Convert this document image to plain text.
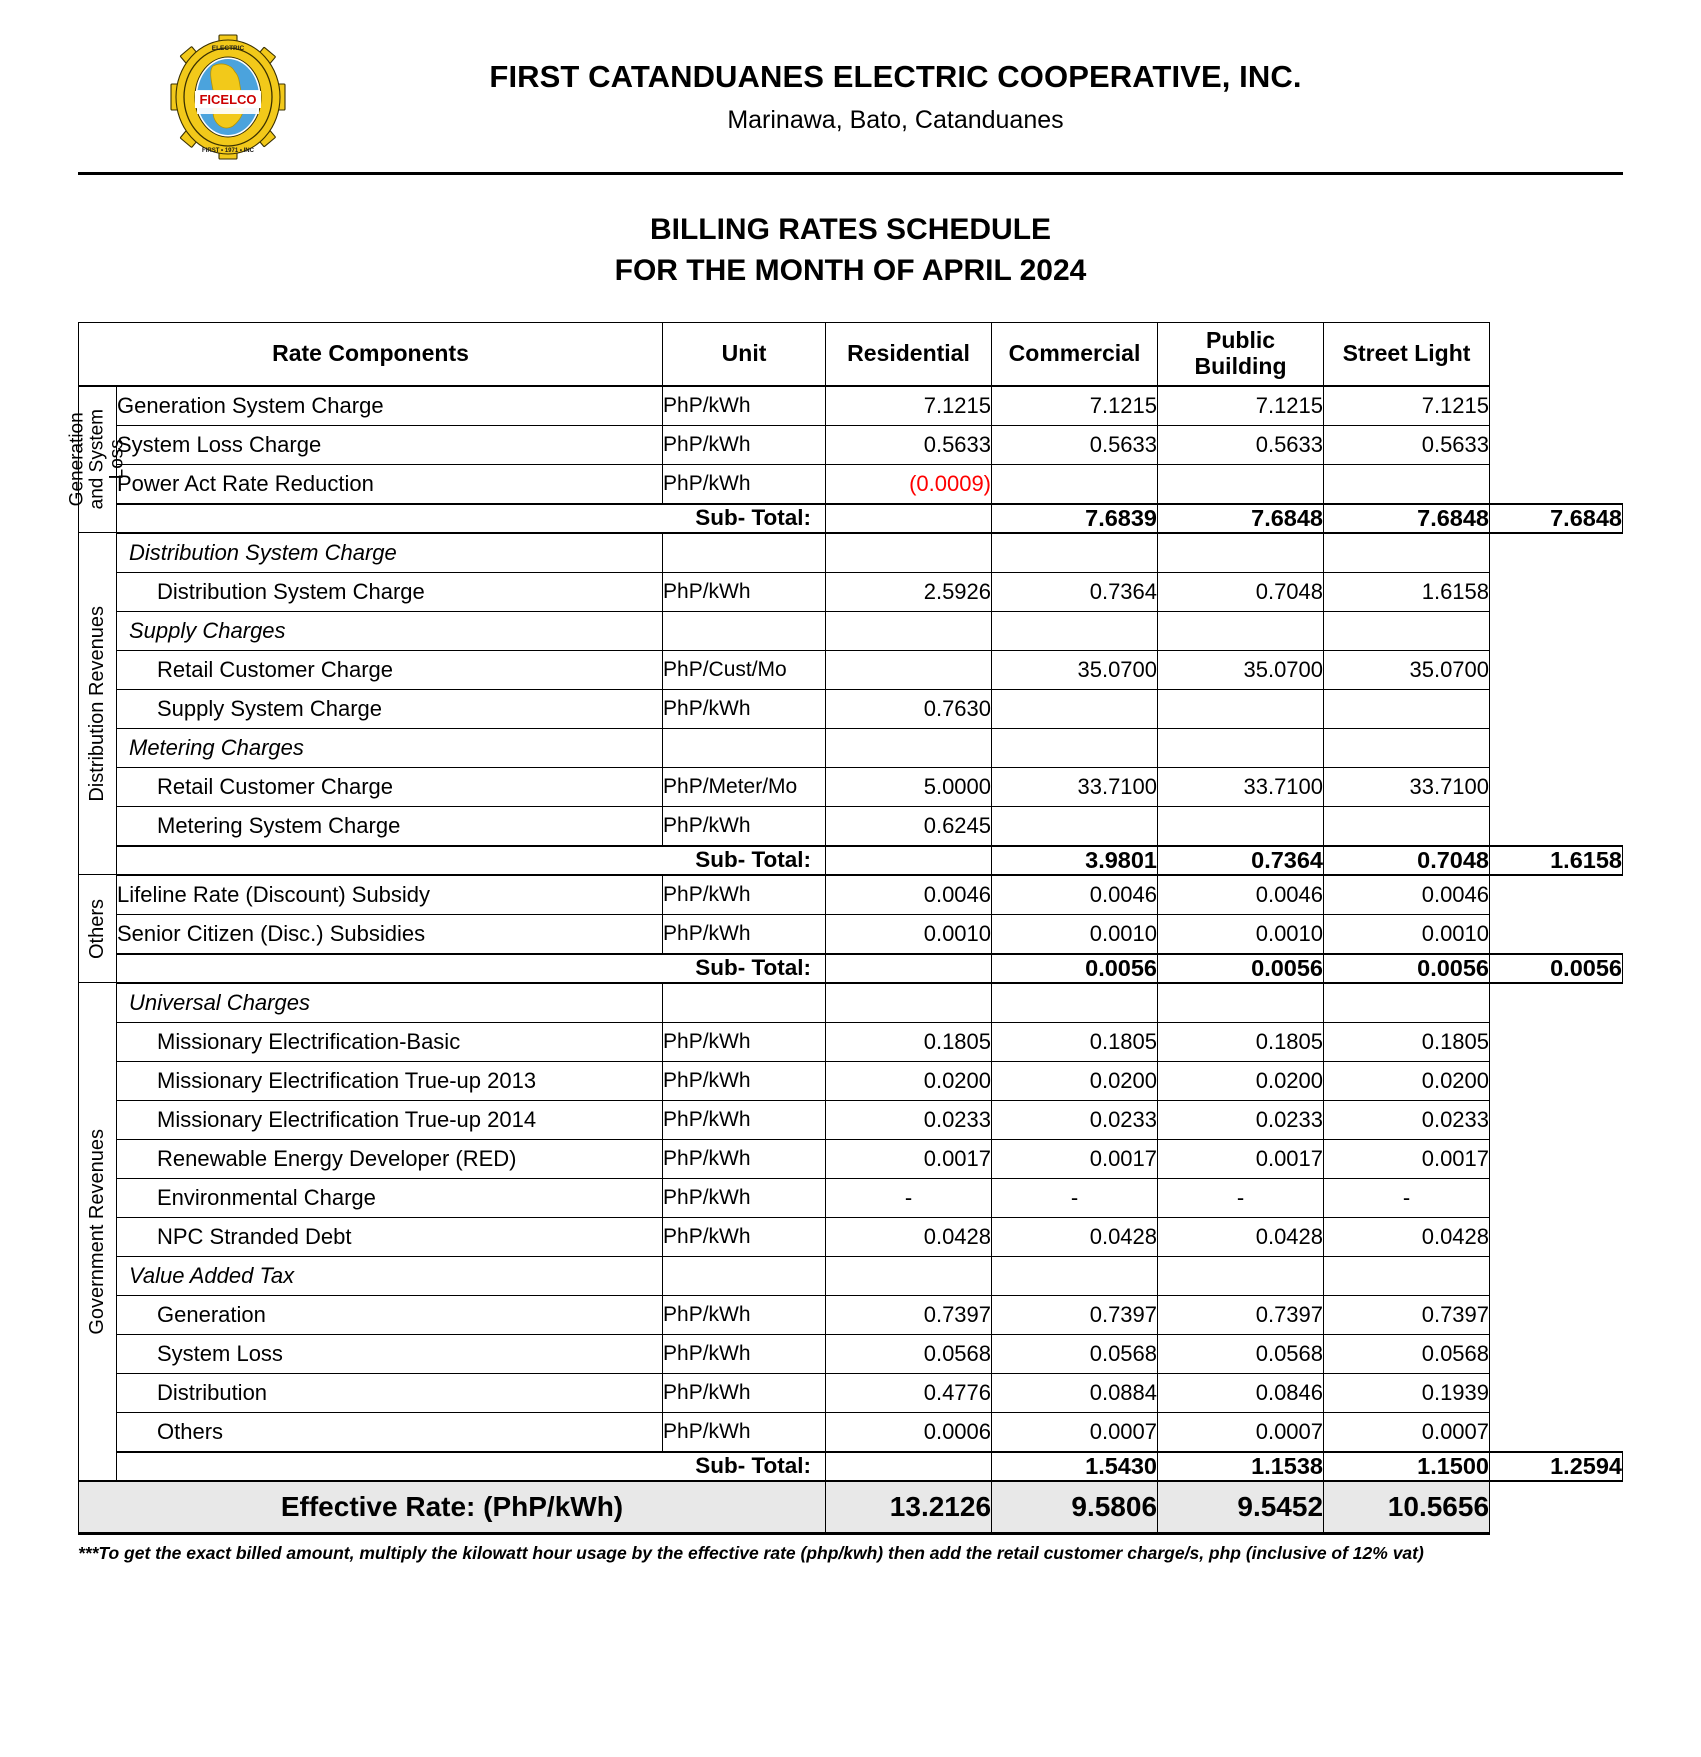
FICELCO
ELECTRIC
FIRST • 1971 • INC
FIRST CATANDUANES ELECTRIC COOPERATIVE, INC.
Marinawa, Bato, Catanduanes
BILLING RATES SCHEDULE
FOR THE MONTH OF APRIL 2024
Rate Components		Unit	Residential	Commercial	Public Building	Street Light	

Generation
and System	Generation System Charge	PhP/kWh	7.1215	7.1215	7.1215	7.1215	
	System Loss Charge	PhP/kWh	0.5633	0.5633	0.5633	0.5633	
	Power Act Rate Reduction	PhP/kWh	(0.0009)				
	Sub- Total:			7.6839	7.6848	7.6848	7.6848

Distribution Revenues	Distribution System Charge						
	Distribution System Charge	PhP/kWh	2.5926	0.7364	0.7048	1.6158	
	Supply Charges						
	Retail Customer Charge	PhP/Cust/Mo		35.0700	35.0700	35.0700	
	Supply System Charge	PhP/kWh	0.7630				
	Metering Charges						
	Retail Customer Charge	PhP/Meter/Mo	5.0000	33.7100	33.7100	33.7100	
	Metering System Charge	PhP/kWh	0.6245				
	Sub- Total:			3.9801	0.7364	0.7048	1.6158

Others	Lifeline Rate (Discount) Subsidy	PhP/kWh	0.0046	0.0046	0.0046	0.0046	
	Senior Citizen (Disc.) Subsidies	PhP/kWh	0.0010	0.0010	0.0010	0.0010	
	Sub- Total:			0.0056	0.0056	0.0056	0.0056

Government Revenues	Universal Charges						
	Missionary Electrification-Basic	PhP/kWh	0.1805	0.1805	0.1805	0.1805	
	Missionary Electrification True-up 2013	PhP/kWh	0.0200	0.0200	0.0200	0.0200	
	Missionary Electrification True-up 2014	PhP/kWh	0.0233	0.0233	0.0233	0.0233	
	Renewable Energy Developer (RED)	PhP/kWh	0.0017	0.0017	0.0017	0.0017	
	Environmental Charge	PhP/kWh	-	-	-	-	
	NPC Stranded Debt	PhP/kWh	0.0428	0.0428	0.0428	0.0428	
	Value Added Tax						
	Generation	PhP/kWh	0.7397	0.7397	0.7397	0.7397	
	System Loss	PhP/kWh	0.0568	0.0568	0.0568	0.0568	
	Distribution	PhP/kWh	0.4776	0.0884	0.0846	0.1939	
	Others	PhP/kWh	0.0006	0.0007	0.0007	0.0007	
	Sub- Total:			1.5430	1.1538	1.1500	1.2594
Effective Rate: (PhP/kWh)			13.2126	9.5806	9.5452	10.5656	
***To get the exact billed amount, multiply the kilowatt hour usage by the effective rate (php/kwh) then add the retail customer charge/s, php (inclusive of 12% vat)
